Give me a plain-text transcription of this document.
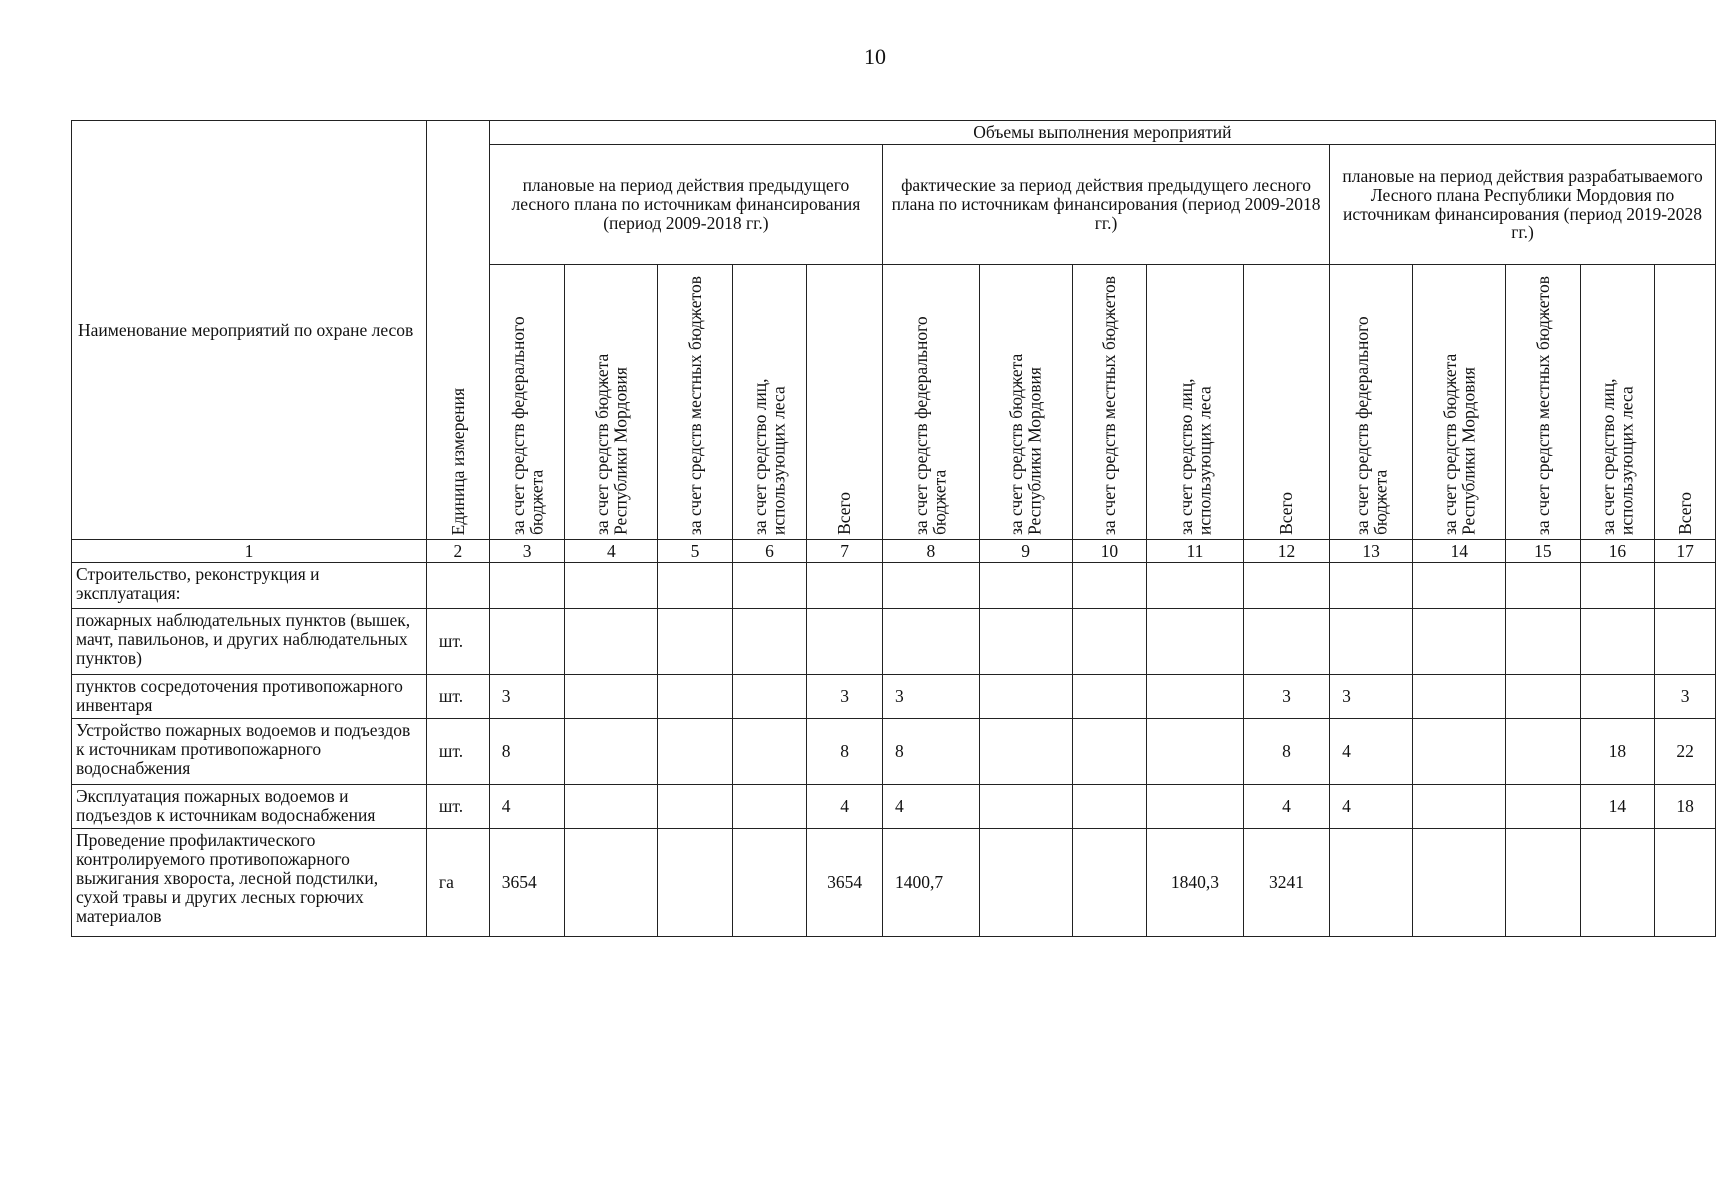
10
Наименование мероприятий по охране лесов	Единица измерения	Объемы выполнения мероприятий														
		плановые на период действия предыдущего лесного плана по источникам финансирования (период 2009-2018 гг.)					фактические за период действия предыдущего лесного плана по источникам финансирования (период 2009-2018 гг.)					плановые на период действия разрабатываемого Лесного плана Республики Мордовия по источникам финансирования (период 2019-2028 гг.)				

		за счет средств федерального бюджета	за счет средств бюджета Республики Мордовия	за счет средств местных бюджетов	за счет средство лиц, использующих леса	Всего	за счет средств федерального бюджета	за счет средств бюджета Республики Мордовия	за счет средств местных бюджетов	за счет средство лиц, использующих леса	Всего	за счет средств федерального бюджета	за счет средств бюджета Республики Мордовия	за счет средств местных бюджетов	за счет средство лиц, использующих леса	Всего

1	2	3	4	5	6	7	8	9	10	11	12	13	14	15	16	17
Строительство, реконструкция и эксплуатация:																
пожарных наблюдательных пунктов (вышек, мачт, павильонов, и других наблюдательных пунктов)	шт.															
пунктов сосредоточения противопожарного инвентаря	шт.	3				3	3				3	3				3
Устройство пожарных водоемов и подъездов к источникам противопожарного водоснабжения	шт.	8				8	8				8	4			18	22
Эксплуатация пожарных водоемов и подъездов к источникам водоснабжения	шт.	4				4	4				4	4			14	18
Проведение профилактического контролируемого противопожарного выжигания хвороста, лесной подстилки, сухой травы и других лесных горючих материалов	га	3654				3654	1400,7			1840,3	3241					
